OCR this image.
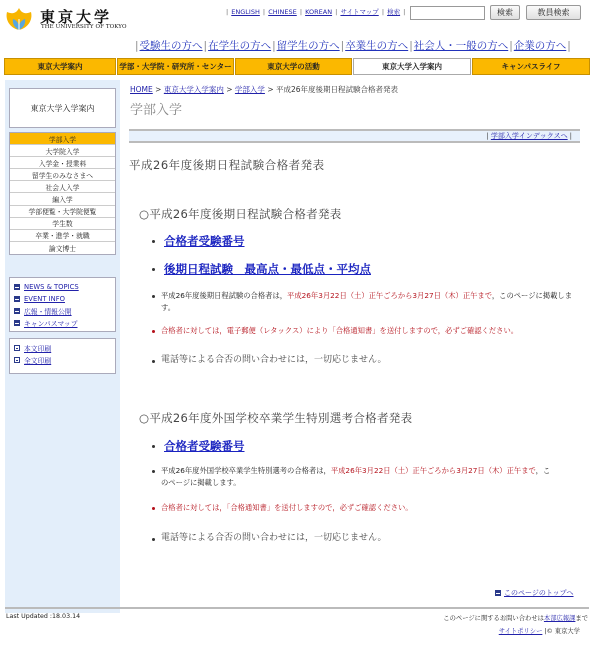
東京大学
THE UNIVERSITY OF TOKYO
| ENGLISH | CHINESE | KOREAN | サイトマップ | 検索 |	検索	教員検索
|受験生の方へ|在学生の方へ|留学生の方へ|卒業生の方へ|社会人・一般の方へ|企業の方へ|
東京大学案内	学部・大学院・研究所・センター	東京大学の活動	東京大学入学案内	キャンパスライフ
東京大学入学案内
学部入学
大学院入学
入学金・授業料
留学生のみなさまへ
社会人入学
編入学
学部便覧・大学院便覧
学生数
卒業・進学・就職
論文博士
NEWS & TOPICS
EVENT INFO
広報・情報公開
キャンパスマップ
本文印刷
全文印刷
HOME > 東京大学入学案内 > 学部入学 > 平成26年度後期日程試験合格者発表
学部入学
| 学部入学インデックスへ |
平成26年度後期日程試験合格者発表
○平成26年度後期日程試験合格者発表
合格者受験番号
後期日程試験　最高点・最低点・平均点
平成26年度後期日程試験の合格者は，平成26年3月22日（土）正午ごろから3月27日（木）正午まで，このページに掲載します。
合格者に対しては，電子郵便（レタックス）により「合格通知書」を送付しますので，必ずご確認ください。
電話等による合否の問い合わせには，一切応じません。
○平成26年度外国学校卒業学生特別選考合格者発表
合格者受験番号
平成26年度外国学校卒業学生特別選考の合格者は，平成26年3月22日（土）正午ごろから3月27日（木）正午まで，このページに掲載します。
合格者に対しては，「合格通知書」を送付しますので，必ずご確認ください。
電話等による合否の問い合わせには，一切応じません。
このページのトップへ
Last Updated :18.03.14	このページに関するお問い合わせは本部広報課まで
サイトポリシー |© 東京大学
